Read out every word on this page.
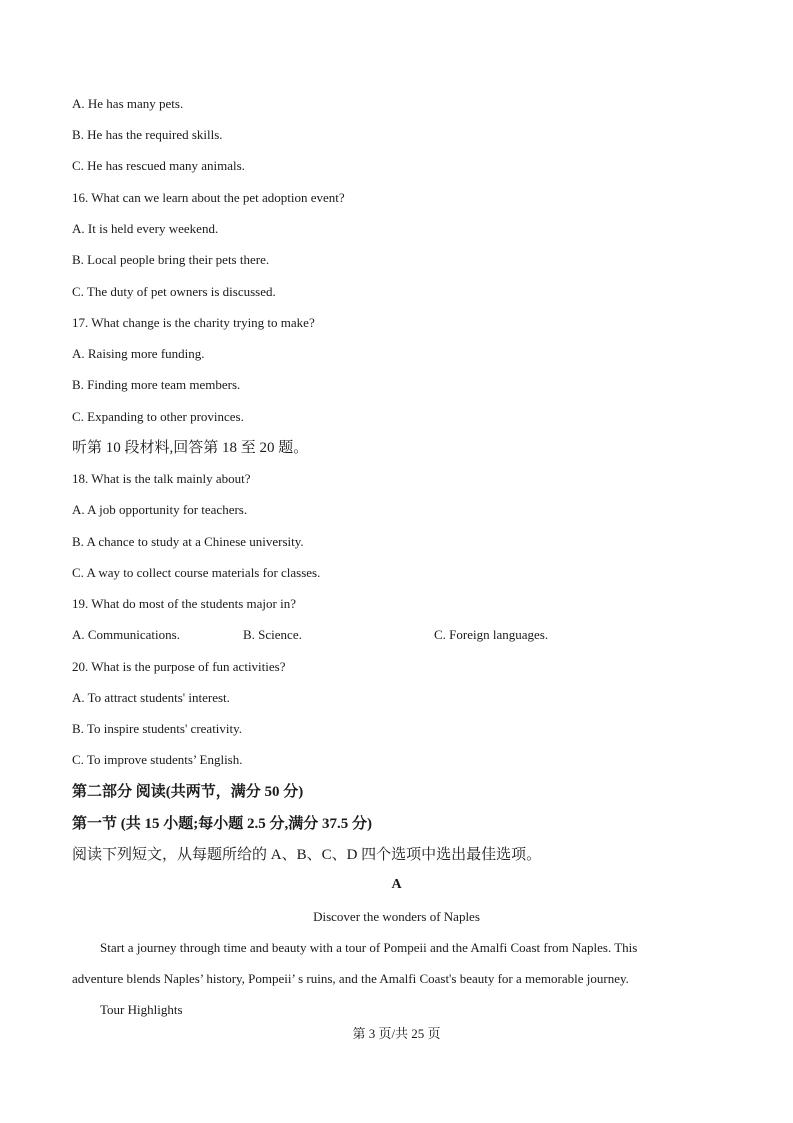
A. He has many pets.
B. He has the required skills.
C. He has rescued many animals.
16. What can we learn about the pet adoption event?
A. It is held every weekend.
B. Local people bring their pets there.
C. The duty of pet owners is discussed.
17. What change is the charity trying to make?
A. Raising more funding.
B. Finding more team members.
C. Expanding to other provinces.
听第 10 段材料,回答第 18 至 20 题。
18. What is the talk mainly about?
A. A job opportunity for teachers.
B. A chance to study at a Chinese university.
C. A way to collect course materials for classes.
19. What do most of the students major in?
A. Communications.	B. Science.	C. Foreign languages.
20. What is the purpose of fun activities?
A. To attract students' interest.
B. To inspire students' creativity.
C. To improve students’ English.
第二部分 阅读(共两节，满分 50 分)
第一节 (共 15 小题;每小题 2.5 分,满分 37.5 分)
阅读下列短文，从每题所给的 A、B、C、D 四个选项中选出最佳选项。
A
Discover the wonders of Naples
Start a journey through time and beauty with a tour of Pompeii and the Amalfi Coast from Naples. This
adventure blends Naples’ history, Pompeii’ s ruins, and the Amalfi Coast's beauty for a memorable journey.
Tour Highlights
第 3 页/共 25 页
